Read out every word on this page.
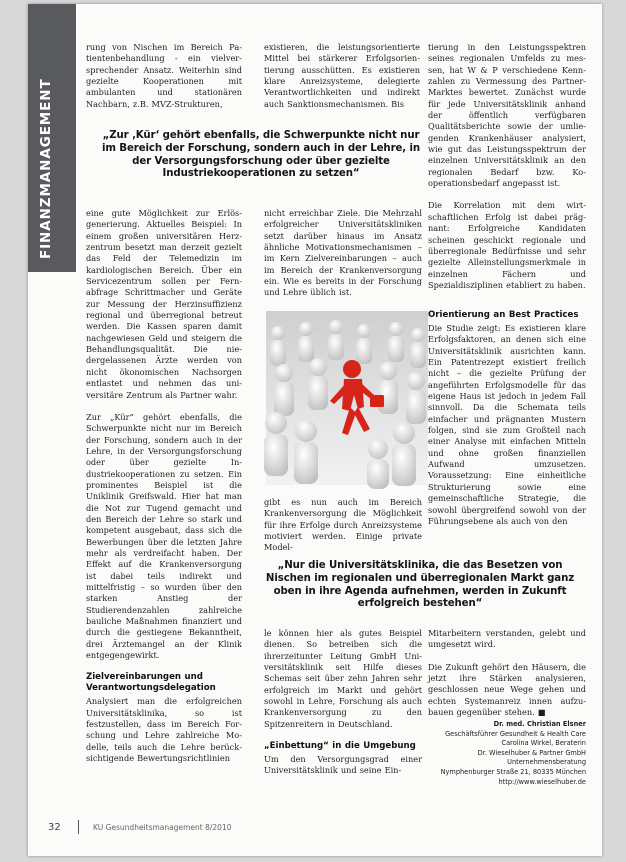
FINANZMANAGEMENT

rung von Nischen im Bereich Patientenbehandlung - ein vielversprechender Ansatz. Weiterhin sind gezielte Kooperationen mit ambulanten und stationären Nachbarn, z.B. MVZ-Strukturen,

existieren, die leistungsorientierte Mittel bei stärkerer Erfolgsorientierung ausschütten. Es existieren klare Anreizsysteme, delegierte Verantwortlichkeiten und indirekt auch Sanktionsmechanismen. Bis

tierung in den Leistungsspektren seines regionalen Umfelds zu messen, hat W & P verschiedene Kennzahlen zu Vermessung des Partner-Marktes bewertet. Zunächst wurde für jede Universitätsklinik anhand der öffentlich verfügbaren Qualitätsberichte sowie der umliegenden Krankenhäuser analysiert, wie gut das Leistungsspektrum der einzelnen Universitätsklinik an den regionalen Bedarf bzw. Kooperationsbedarf angepasst ist.

Die Korrelation mit dem wirtschaftlichen Erfolg ist dabei prägnant: Erfolgreiche Kandidaten scheinen geschickt regionale und überregionale Bedürfnisse und sehr gezielte Alleinstellungsmerkmale in einzelnen Fächern und Spezialdisziplinen etabliert zu haben.

„Zur ‚Kür‘ gehört ebenfalls, die Schwerpunkte nicht nur im Bereich der Forschung, sondern auch in der Lehre, in der Versorgungsforschung oder über gezielte Industriekooperationen zu setzen“

eine gute Möglichkeit zur Erlösgenerierung. Aktuelles Beispiel: In einem großen universitären Herzzentrum besetzt man derzeit gezielt das Feld der Telemedizin im kardiologischen Bereich. Über ein Servicezentrum sollen per Fernabfrage Schrittmacher und Geräte zur Messung der Herzinsuffizienz regional und überregional betreut werden. Die Kassen sparen damit nachgewiesen Geld und steigern die Behandlungsqualität. Die niedergelassenen Ärzte werden von nicht ökonomischen Nachsorgen entlastet und nehmen das universitäre Zentrum als Partner wahr.

Zur „Kür“ gehört ebenfalls, die Schwerpunkte nicht nur im Bereich der Forschung, sondern auch in der Lehre, in der Versorgungsforschung oder über gezielte Industriekooperationen zu setzen. Ein prominentes Beispiel ist die Uniklinik Greifswald. Hier hat man die Not zur Tugend gemacht und den Bereich der Lehre so stark und kompetent ausgebaut, dass sich die Bewerbungen über die letzten Jahre mehr als verdreifacht haben. Der Effekt auf die Krankenversorgung ist dabei teils indirekt und mittelfristig – so wurden über den starken Anstieg der Studierendenzahlen zahlreiche bauliche Maßnahmen finanziert und durch die gestiegene Bekanntheit, drei Ärztemangel an der Klinik entgegengewirkt.

Zielvereinbarungen und Verantwortungsdelegation

Analysiert man die erfolgreichen Universitätsklinika, so ist festzustellen, dass im Bereich Forschung und Lehre zahlreiche Modelle, teils auch die Lehre berücksichtigende Bewertungsrichtlinien

nicht erreichbar Ziele. Die Mehrzahl erfolgreicher Universitätskliniken setzt darüber hinaus im Ansatz ähnliche Motivationsmechanismen – im Kern Zielvereinbarungen – auch im Bereich der Krankenversorgung ein. Wie es bereits in der Forschung und Lehre üblich ist.

gibt es nun auch im Bereich Krankenversorgung die Möglichkeit für ihre Erfolge durch Anreizsysteme motiviert werden. Einige private Model-

„Nur die Universitätsklinika, die das Besetzen von Nischen im regionalen und überregionalen Markt ganz oben in ihre Agenda aufnehmen, werden in Zukunft erfolgreich bestehen“

le können hier als gutes Beispiel dienen. So betreiben sich die ihrerzeitunter Leitung GmbH Universitätsklinik seit Hilfe dieses Schemas seit über zehn Jahren sehr erfolgreich im Markt und gehört sowohl in Lehre, Forschung als auch Krankenversorgung zu den Spitzenreitern in Deutschland.

„Einbettung“ in die Umgebung

Um den Versorgungsgrad einer Universitätsklinik und seine Ein-

Orientierung an Best Practices

Die Studie zeigt: Es existieren klare Erfolgsfaktoren, an denen sich eine Universitätsklinik ausrichten kann. Ein Patentrezept existiert freilich nicht – die gezielte Prüfung der angeführten Erfolgsmodelle für das eigene Haus ist jedoch in jedem Fall sinnvoll. Da die Schemata teils einfacher und prägnanten Mustern folgen, sind sie zum Großteil nach einer Analyse mit einfachen Mitteln und ohne großen finanziellen Aufwand umzusetzen. Voraussetzung: Eine einheitliche Strukturierung sowie eine gemeinschaftliche Strategie, die sowohl übergreifend sowohl von der Führungsebene als auch von den

Mitarbeitern verstanden, gelebt und umgesetzt wird.

Die Zukunft gehört den Häusern, die jetzt ihre Stärken analysieren, geschlossen neue Wege gehen und echten Systemanreiz innen aufzubauen gegenüber stehen. ■

Dr. med. Christian Elsner
Geschäftsführer Gesundheit & Health Care
Carolina Wirkel, Beraterin
Dr. Wieselhuber & Partner GmbH
Unternehmensberatung
Nymphenburger Straße 21, 80335 München
http://www.wieselhuber.de
32	KU Gesundheitsmanagement 8/2010
